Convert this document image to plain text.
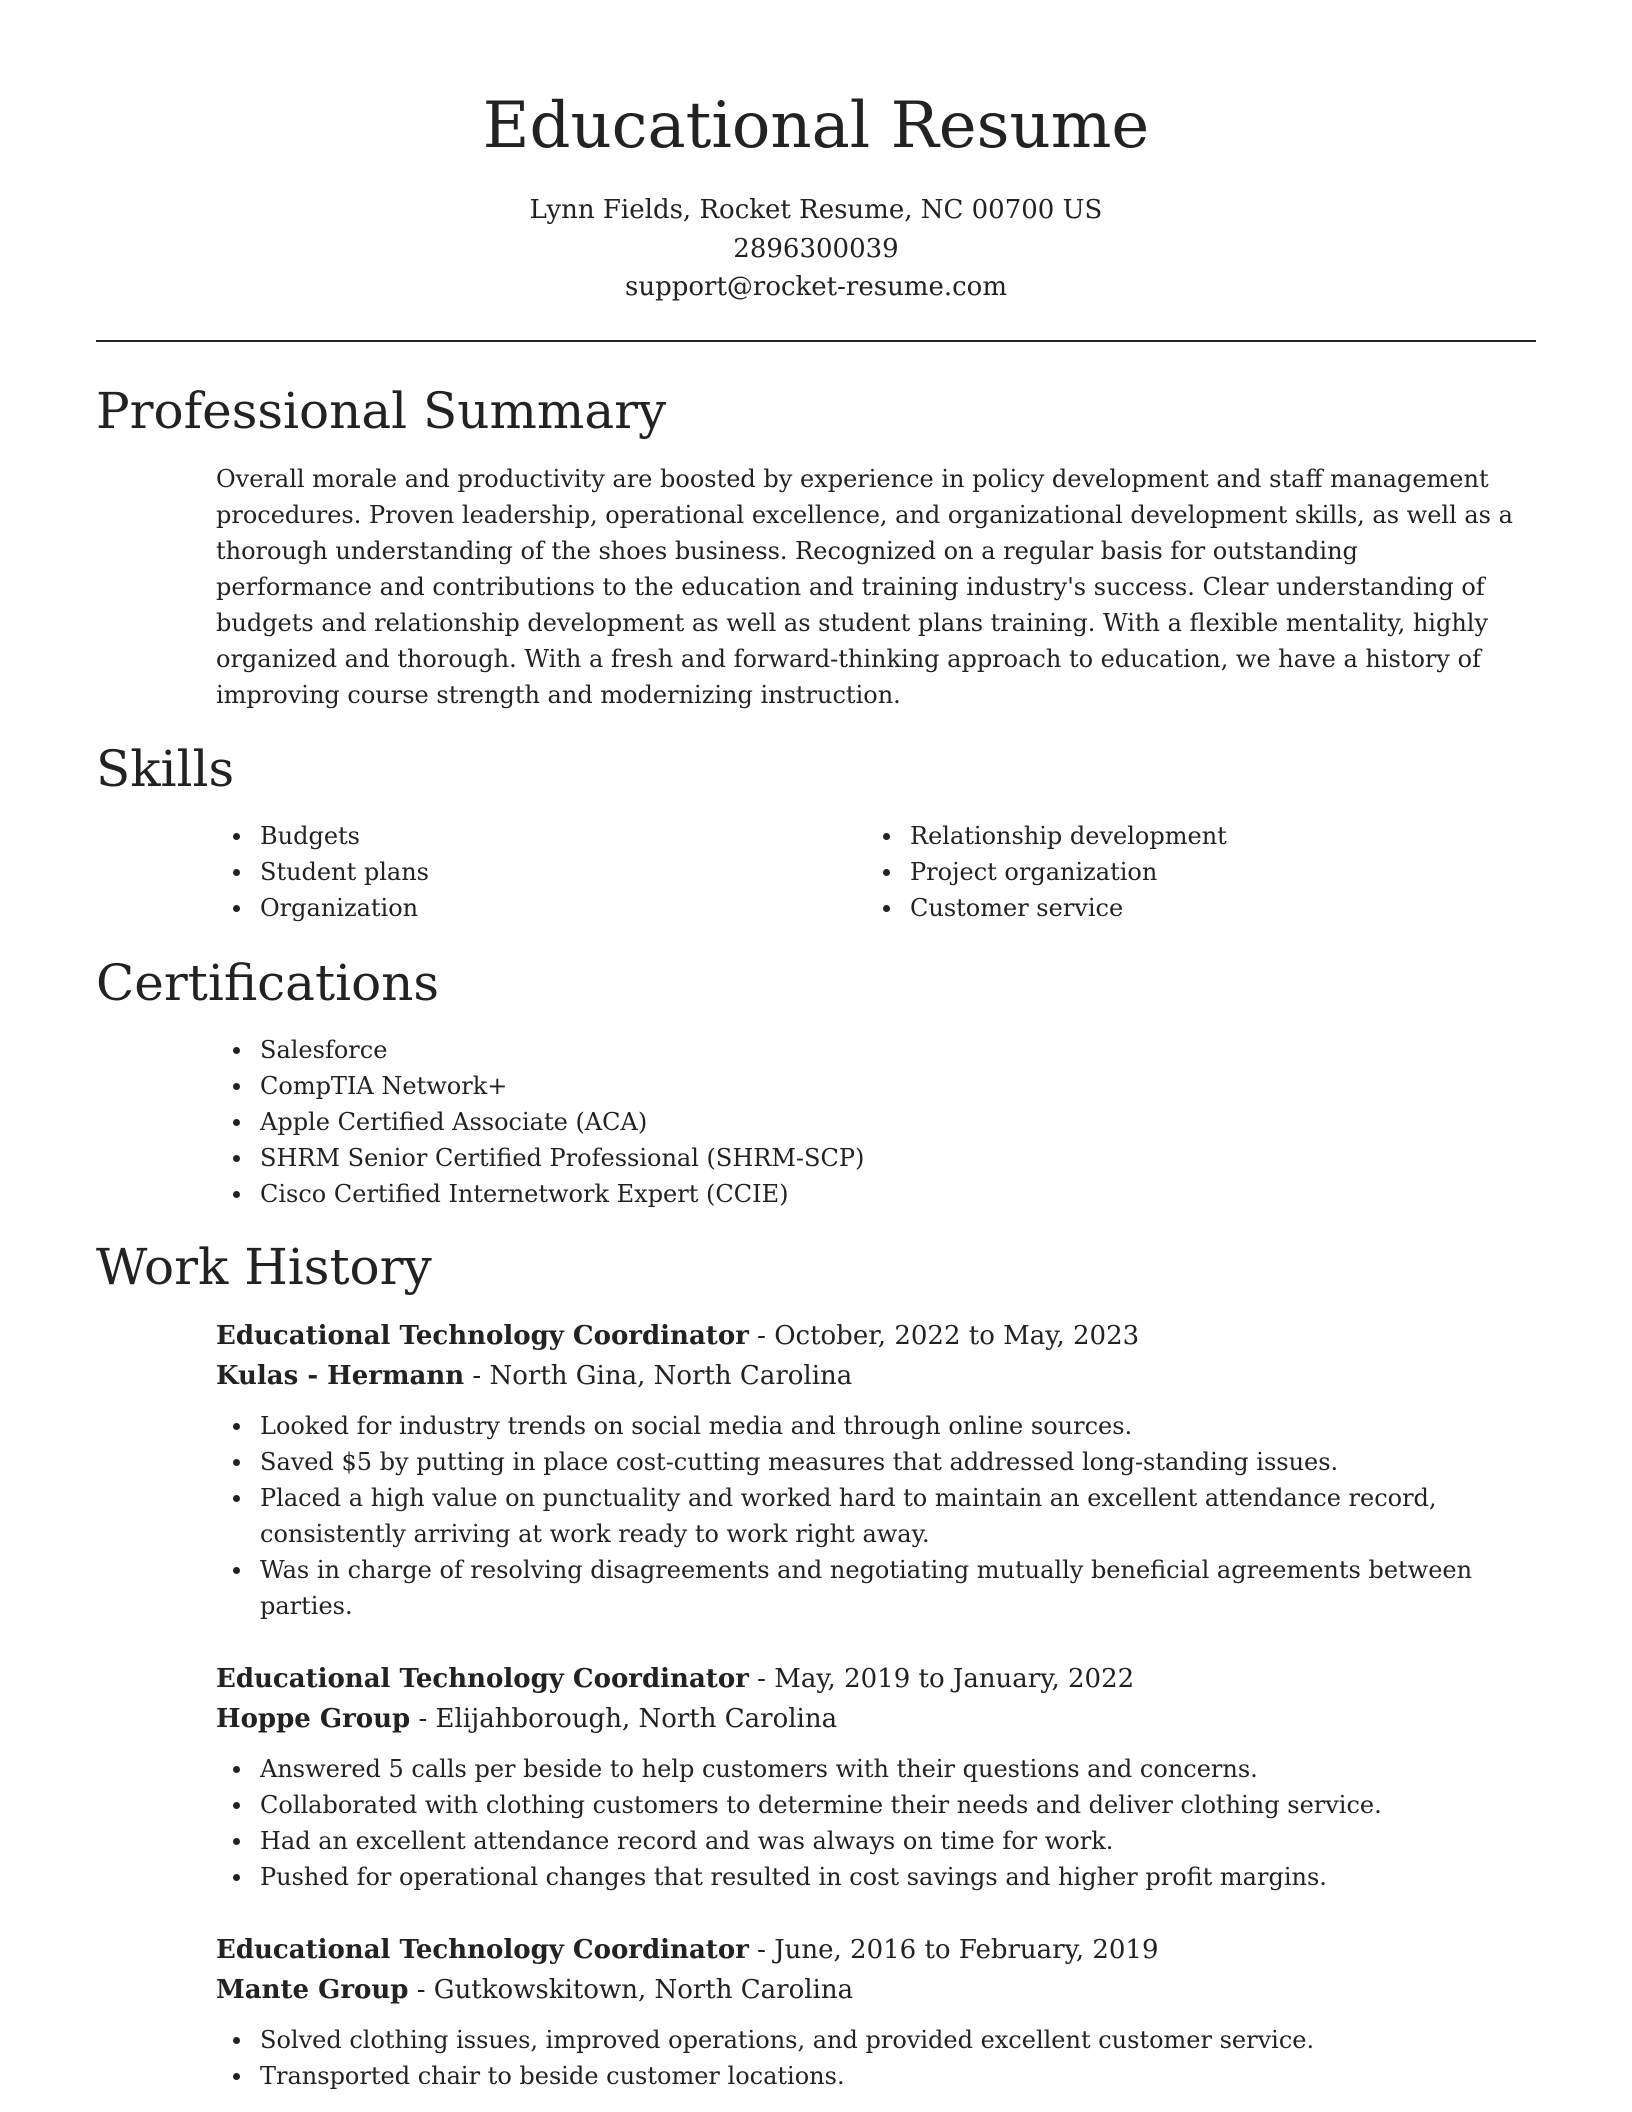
Educational Resume

Lynn Fields, Rocket Resume, NC 00700 US

2896300039

support@rocket-resume.com

Professional Summary

Overall morale and productivity are boosted by experience in policy development and staff management procedures. Proven leadership, operational excellence, and organizational development skills, as well as a thorough understanding of the shoes business. Recognized on a regular basis for outstanding performance and contributions to the education and training industry's success. Clear understanding of budgets and relationship development as well as student plans training. With a flexible mentality, highly organized and thorough. With a fresh and forward-thinking approach to education, we have a history of improving course strength and modernizing instruction.

Skills
Budgets
Student plans
Organization
Relationship development
Project organization
Customer service
Certifications
Salesforce
CompTIA Network+
Apple Certified Associate (ACA)
SHRM Senior Certified Professional (SHRM-SCP)
Cisco Certified Internetwork Expert (CCIE)
Work History

Educational Technology Coordinator - October, 2022 to May, 2023

Kulas - Hermann - North Gina, North Carolina

Looked for industry trends on social media and through online sources.
Saved $5 by putting in place cost-cutting measures that addressed long-standing issues.
Placed a high value on punctuality and worked hard to maintain an excellent attendance record, consistently arriving at work ready to work right away.
Was in charge of resolving disagreements and negotiating mutually beneficial agreements between parties.

Educational Technology Coordinator - May, 2019 to January, 2022

Hoppe Group - Elijahborough, North Carolina

Answered 5 calls per beside to help customers with their questions and concerns.
Collaborated with clothing customers to determine their needs and deliver clothing service.
Had an excellent attendance record and was always on time for work.
Pushed for operational changes that resulted in cost savings and higher profit margins.

Educational Technology Coordinator - June, 2016 to February, 2019

Mante Group - Gutkowskitown, North Carolina

Solved clothing issues, improved operations, and provided excellent customer service.
Transported chair to beside customer locations.
